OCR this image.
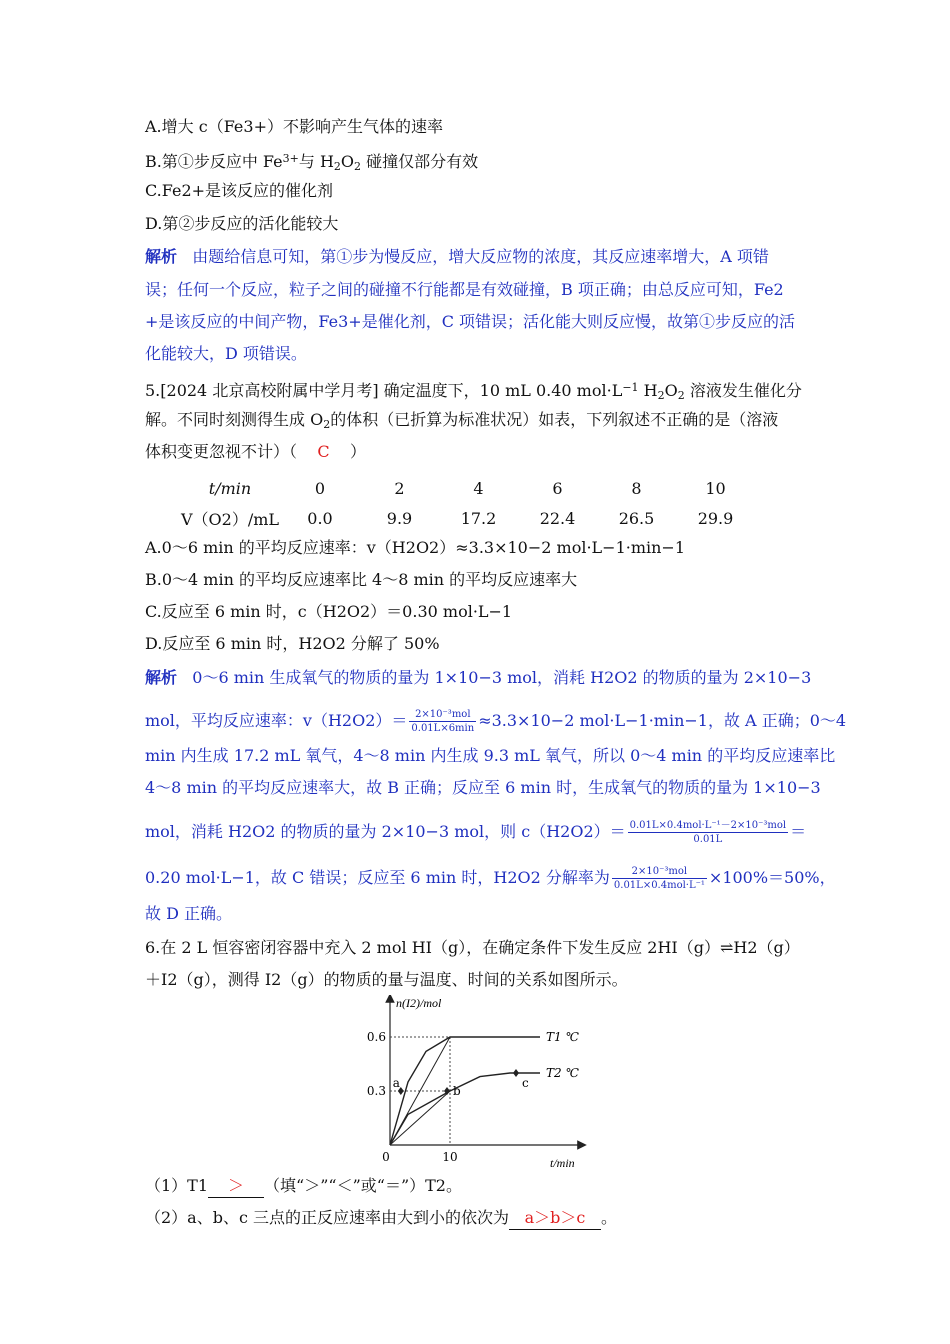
A.增大 c（Fe3+）不影响产生气体的速率
B.第①步反应中 $Fe^{3+}$与 $H_2O_2$ 碰撞仅部分有效
C.Fe2+是该反应的催化剂
D.第②步反应的活化能较大
解析 由题给信息可知，第①步为慢反应，增大反应物的浓度，其反应速率增大，A 项错
误；任何一个反应，粒子之间的碰撞不行能都是有效碰撞，B 项正确；由总反应可知，Fe2
+是该反应的中间产物，Fe3+是催化剂，C 项错误；活化能大则反应慢，故第①步反应的活
化能较大，D 项错误。
5.[2024 北京高校附属中学月考] 确定温度下，10 mL 0.40 $mol\cdot L^{-1}$ $H_2O_2$ 溶液发生催化分
解。不同时刻测得生成 $O_2$的体积（已折算为标准状况）如表，下列叙述不正确的是（溶液
体积变更忽视不计）（ C ）
t/min	0	2	4	6	8	10
V（O2）/mL	0.0	9.9	17.2	22.4	26.5	29.9
A.0～6 min 的平均反应速率：v（H2O2）≈3.3×10−2 mol·L−1·min−1
B.0～4 min 的平均反应速率比 4～8 min 的平均反应速率大
C.反应至 6 min 时，c（H2O2）＝0.30 mol·L−1
D.反应至 6 min 时，H2O2 分解了 50%
解析 0～6 min 生成氧气的物质的量为 1×10−3 mol，消耗 H2O2 的物质的量为 2×10−3
mol，平均反应速率：$v(H2O2)= \frac{\text{2×10⁻³mol}}{0.01L\times 6\min} \approx 3.3\times 10-2$ mol·L−1·min−1，故 A 正确；0～4
min 内生成 17.2 mL 氧气，4～8 min 内生成 9.3 mL 氧气，所以 0～4 min 的平均反应速率比
4～8 min 的平均反应速率大，故 B 正确；反应至 6 min 时，生成氧气的物质的量为 1×10−3
mol，消耗 H2O2 的物质的量为 2×10−3 mol，则 $c(H2O2)= \frac{\text{0.01L×0.4mol·L⁻¹－2×10⁻³mol}}{0.01L}$ ＝
0.20 mol·L−1，故 C 错误；反应至 6 min 时，H2O2 分解率为 $\frac{\text{2×10⁻³mol}}{\text{0.01L×0.4mol·L⁻¹}} \times 100\%=50\%$，
故 D 正确。
6.在 2 L 恒容密闭容器中充入 2 mol HI（g），在确定条件下发生反应 2HI（g）⇌H2（g）
＋I2（g），测得 I2（g）的物质的量与温度、时间的关系如图所示。
n(I2)/mol
t/min
0	10
0.3
0.6	T1 ℃
T2 ℃
a
b
c
（1）T1 ＞ （填“＞”“＜”或“＝”）T2。
（2）a、b、c 三点的正反应速率由大到小的依次为 a＞b＞c 。
